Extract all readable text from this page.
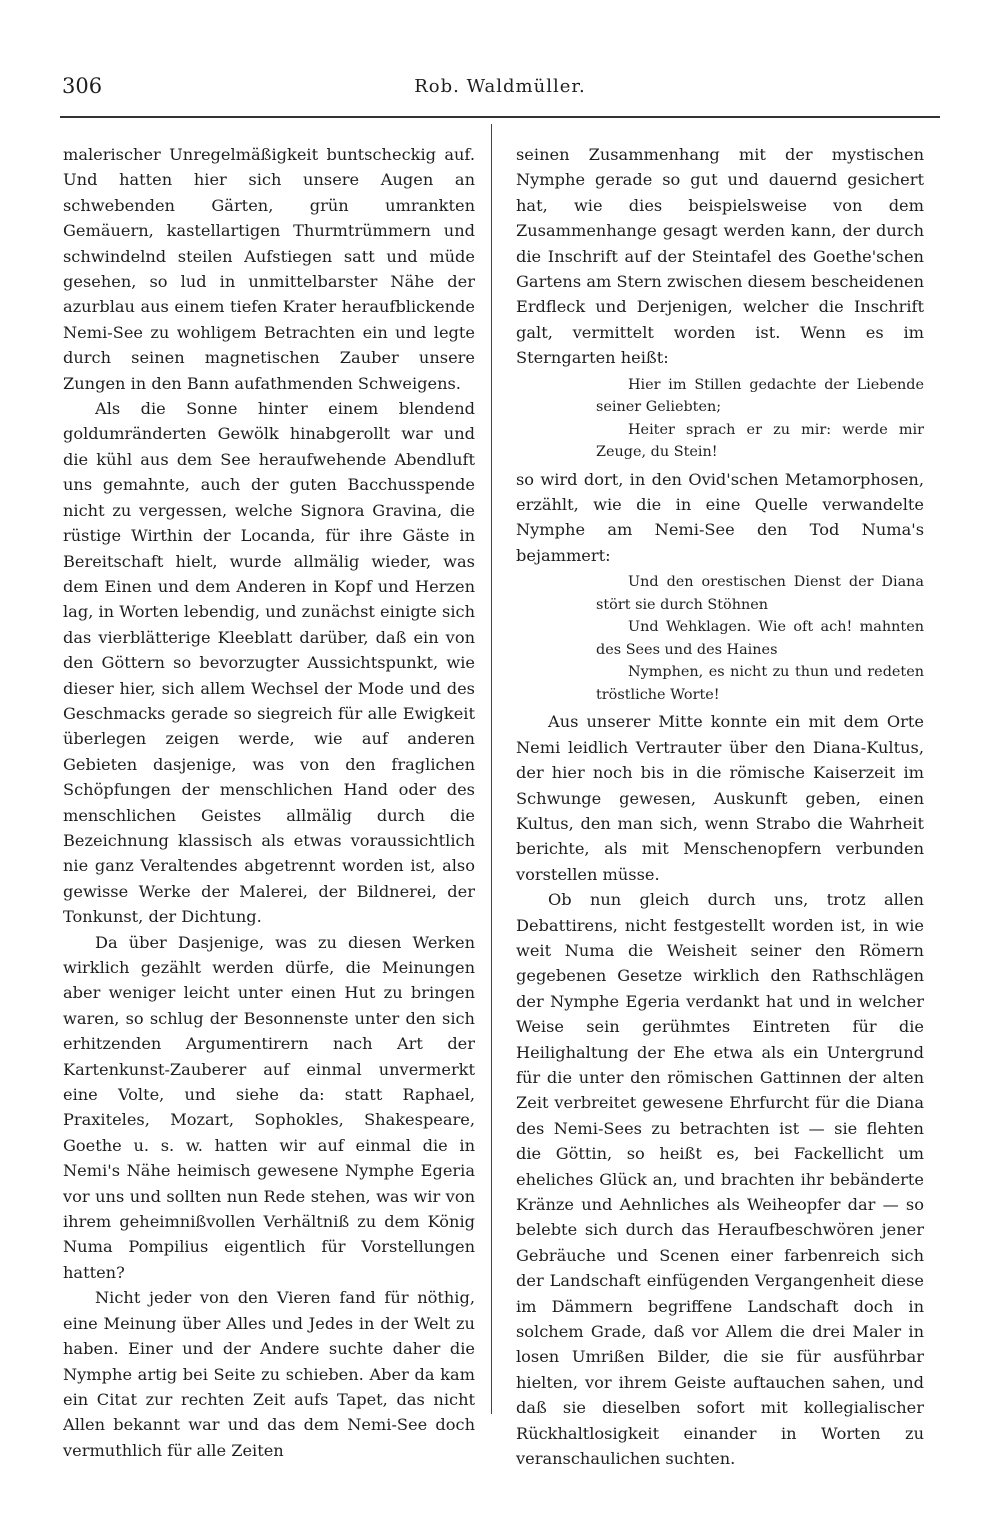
306	Rob. Waldmüller.

malerischer Unregelmäßigkeit buntscheckig auf. Und hatten hier sich unsere Augen an schwebenden Gärten, grün umrankten Gemäuern, kastellartigen Thurmtrümmern und schwindelnd steilen Aufstiegen satt und müde gesehen, so lud in unmittelbarster Nähe der azurblau aus einem tiefen Krater heraufblickende Nemi-See zu wohligem Betrachten ein und legte durch seinen magnetischen Zauber unsere Zungen in den Bann aufathmenden Schweigens.

Als die Sonne hinter einem blendend goldumränderten Gewölk hinabgerollt war und die kühl aus dem See heraufwehende Abendluft uns gemahnte, auch der guten Bacchusspende nicht zu vergessen, welche Signora Gravina, die rüstige Wirthin der Locanda, für ihre Gäste in Bereitschaft hielt, wurde allmälig wieder, was dem Einen und dem Anderen in Kopf und Herzen lag, in Worten lebendig, und zunächst einigte sich das vierblätterige Kleeblatt darüber, daß ein von den Göttern so bevorzugter Aussichtspunkt, wie dieser hier, sich allem Wechsel der Mode und des Geschmacks gerade so siegreich für alle Ewigkeit überlegen zeigen werde, wie auf anderen Gebieten dasjenige, was von den fraglichen Schöpfungen der menschlichen Hand oder des menschlichen Geistes allmälig durch die Bezeichnung klassisch als etwas voraussichtlich nie ganz Veraltendes abgetrennt worden ist, also gewisse Werke der Malerei, der Bildnerei, der Tonkunst, der Dichtung.

Da über Dasjenige, was zu diesen Werken wirklich gezählt werden dürfe, die Meinungen aber weniger leicht unter einen Hut zu bringen waren, so schlug der Besonnenste unter den sich erhitzenden Argumentirern nach Art der Kartenkunst-Zauberer auf einmal unvermerkt eine Volte, und siehe da: statt Raphael, Praxiteles, Mozart, Sophokles, Shakespeare, Goethe u. s. w. hatten wir auf einmal die in Nemi's Nähe heimisch gewesene Nymphe Egeria vor uns und sollten nun Rede stehen, was wir von ihrem geheimnißvollen Verhältniß zu dem König Numa Pompilius eigentlich für Vorstellungen hatten?

Nicht jeder von den Vieren fand für nöthig, eine Meinung über Alles und Jedes in der Welt zu haben. Einer und der Andere suchte daher die Nymphe artig bei Seite zu schieben. Aber da kam ein Citat zur rechten Zeit aufs Tapet, das nicht Allen bekannt war und das dem Nemi-See doch vermuthlich für alle Zeiten

seinen Zusammenhang mit der mystischen Nymphe gerade so gut und dauernd gesichert hat, wie dies beispielsweise von dem Zusammenhange gesagt werden kann, der durch die Inschrift auf der Steintafel des Goethe'schen Gartens am Stern zwischen diesem bescheidenen Erdfleck und Derjenigen, welcher die Inschrift galt, vermittelt worden ist. Wenn es im Sterngarten heißt:

Hier im Stillen gedachte der Liebende seiner Geliebten;

Heiter sprach er zu mir: werde mir Zeuge, du Stein!

so wird dort, in den Ovid'schen Metamorphosen, erzählt, wie die in eine Quelle verwandelte Nymphe am Nemi-See den Tod Numa's bejammert:

Und den orestischen Dienst der Diana stört sie durch Stöhnen

Und Wehklagen. Wie oft ach! mahnten des Sees und des Haines

Nymphen, es nicht zu thun und redeten tröstliche Worte!

Aus unserer Mitte konnte ein mit dem Orte Nemi leidlich Vertrauter über den Diana-Kultus, der hier noch bis in die römische Kaiserzeit im Schwunge gewesen, Auskunft geben, einen Kultus, den man sich, wenn Strabo die Wahrheit berichte, als mit Menschenopfern verbunden vorstellen müsse.

Ob nun gleich durch uns, trotz allen Debattirens, nicht festgestellt worden ist, in wie weit Numa die Weisheit seiner den Römern gegebenen Gesetze wirklich den Rathschlägen der Nymphe Egeria verdankt hat und in welcher Weise sein gerühmtes Eintreten für die Heilighaltung der Ehe etwa als ein Untergrund für die unter den römischen Gattinnen der alten Zeit verbreitet gewesene Ehrfurcht für die Diana des Nemi-Sees zu betrachten ist — sie flehten die Göttin, so heißt es, bei Fackellicht um eheliches Glück an, und brachten ihr bebänderte Kränze und Aehnliches als Weiheopfer dar — so belebte sich durch das Heraufbeschwören jener Gebräuche und Scenen einer farbenreich sich der Landschaft einfügenden Vergangenheit diese im Dämmern begriffene Landschaft doch in solchem Grade, daß vor Allem die drei Maler in losen Umrißen Bilder, die sie für ausführbar hielten, vor ihrem Geiste auftauchen sahen, und daß sie dieselben sofort mit kollegialischer Rückhaltlosigkeit einander in Worten zu veranschaulichen suchten.
